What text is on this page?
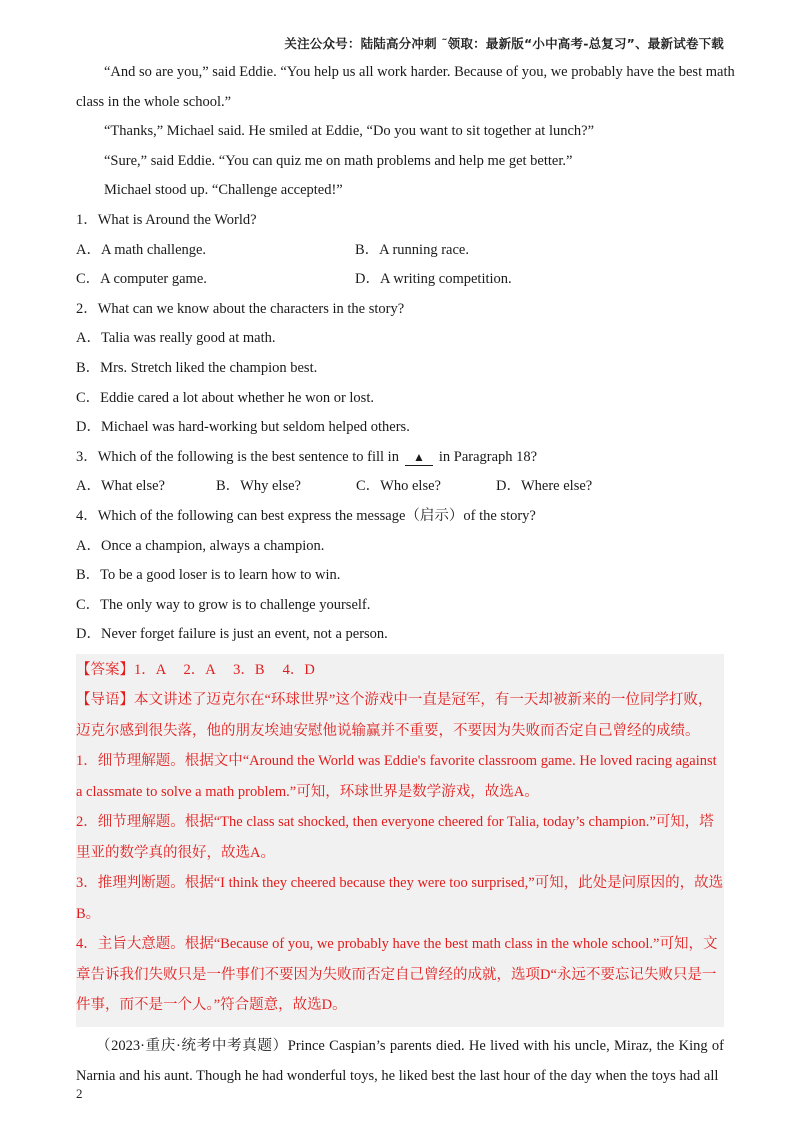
关注公众号：陆陆高分冲刺 ˜领取：最新版“小中高考-总复习”、最新试卷下载
“And so are you,” said Eddie. “You help us all work harder. Because of you, we probably have the best math
class in the whole school.”
“Thanks,” Michael said. He smiled at Eddie, “Do you want to sit together at lunch?”
“Sure,” said Eddie. “You can quiz me on math problems and help me get better.”
Michael stood up. “Challenge accepted!”
1．What is Around the World?
A．A math challenge.	B．A running race.
C．A computer game.	D．A writing competition.
2．What can we know about the characters in the story?
A．Talia was really good at math.
B．Mrs. Stretch liked the champion best.
C．Eddie cared a lot about whether he won or lost.
D．Michael was hard-working but seldom helped others.
3．Which of the following is the best sentence to fill in ▲ in Paragraph 18?
A．What else?	B．Why else?	C．Who else?	D．Where else?
4．Which of the following can best express the message（启示）of the story?
A．Once a champion, always a champion.
B．To be a good loser is to learn how to win.
C．The only way to grow is to challenge yourself.
D．Never forget failure is just an event, not a person.
【答案】1．A　 2．A　 3．B　 4．D
【导语】本文讲述了迈克尔在“环球世界”这个游戏中一直是冠军，有一天却被新来的一位同学打败，迈克尔感到很失落，他的朋友埃迪安慰他说输赢并不重要，不要因为失败而否定自己曾经的成绩。
1．细节理解题。根据文中“Around the World was Eddie's favorite classroom game. He loved racing against a classmate to solve a math problem.”可知，环球世界是数学游戏，故选A。
2．细节理解题。根据“The class sat shocked, then everyone cheered for Talia, today’s champion.”可知，塔里亚的数学真的很好，故选A。
3．推理判断题。根据“I think they cheered because they were too surprised,”可知，此处是问原因的，故选B。
4．主旨大意题。根据“Because of you, we probably have the best math class in the whole school.”可知，文章告诉我们失败只是一件事们不要因为失败而否定自己曾经的成就，选项D“永远不要忘记失败只是一件事，而不是一个人。”符合题意，故选D。
（2023·重庆·统考中考真题）Prince Caspian’s parents died. He lived with his uncle, Miraz, the King of Narnia and his aunt. Though he had wonderful toys, he liked best the last hour of the day when the toys had all
2
